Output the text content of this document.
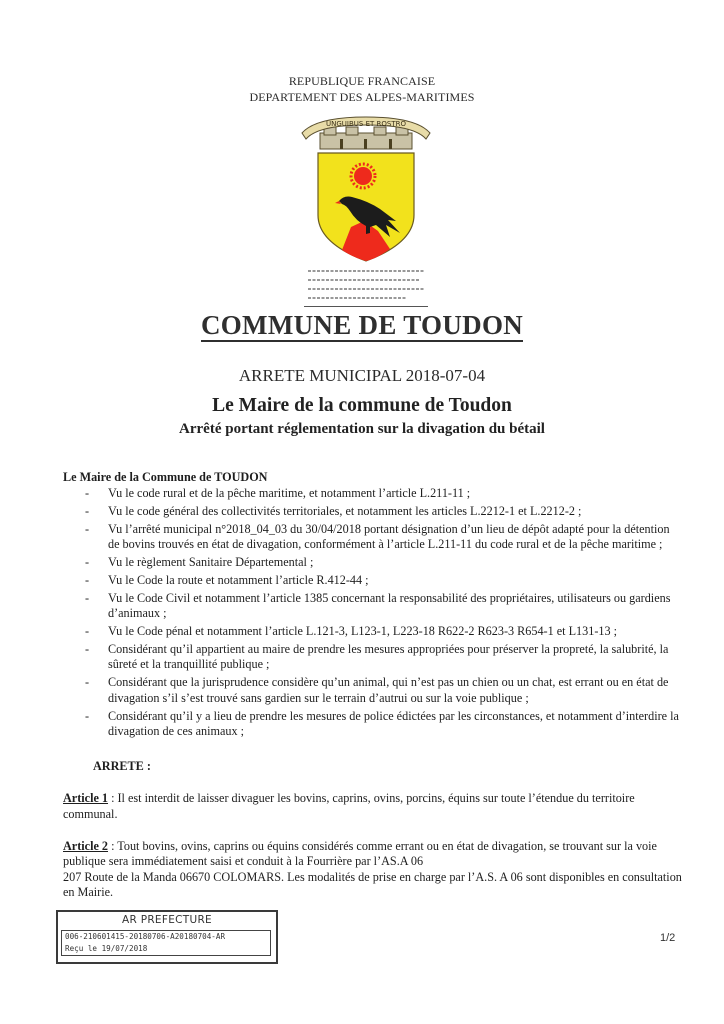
REPUBLIQUE FRANCAISE
DEPARTEMENT DES ALPES-MARITIMES
UNGUIBUS ET ROSTRO
COMMUNE DE TOUDON
ARRETE MUNICIPAL 2018-07-04
Le Maire de la commune de Toudon
Arrêté portant réglementation sur la divagation du bétail
Le Maire de la Commune de TOUDON
- Vu le code rural et de la pêche maritime, et notamment l’article L.211-11 ;
- Vu le code général des collectivités territoriales, et notamment les articles L.2212-1 et L.2212-2 ;
- Vu l’arrêté municipal n°2018_04_03 du 30/04/2018 portant désignation d’un lieu de dépôt adapté pour la détention de bovins trouvés en état de divagation, conformément à l’article L.211-11 du code rural et de la pêche maritime ;
- Vu le règlement Sanitaire Départemental ;
- Vu le Code la route et notamment l’article R.412-44 ;
- Vu le Code Civil et notamment l’article 1385 concernant la responsabilité des propriétaires, utilisateurs ou gardiens d’animaux ;
- Vu le Code pénal et notamment l’article L.121-3, L123-1, L223-18 R622-2 R623-3 R654-1 et L131-13 ;
- Considérant qu’il appartient au maire de prendre les mesures appropriées pour préserver la propreté, la salubrité, la sûreté et la tranquillité publique ;
- Considérant que la jurisprudence considère qu’un animal, qui n’est pas un chien ou un chat, est errant ou en état de divagation s’il s’est trouvé sans gardien sur le terrain d’autrui ou sur la voie publique ;
- Considérant qu’il y a lieu de prendre les mesures de police édictées par les circonstances, et notamment d’interdire la divagation de ces animaux ;
ARRETE :
Article 1 : Il est interdit de laisser divaguer les bovins, caprins, ovins, porcins, équins sur toute l’étendue du territoire communal.
Article 2 : Tout bovins, ovins, caprins ou équins considérés comme errant ou en état de divagation, se trouvant sur la voie publique sera immédiatement saisi et conduit à la Fourrière par l’AS.A 06
207 Route de la Manda 06670 COLOMARS. Les modalités de prise en charge par l’A.S. A 06 sont disponibles en consultation en Mairie.
AR PREFECTURE
006-210601415-20180706-A20180704-AR
Reçu le 19/07/2018
1/2
